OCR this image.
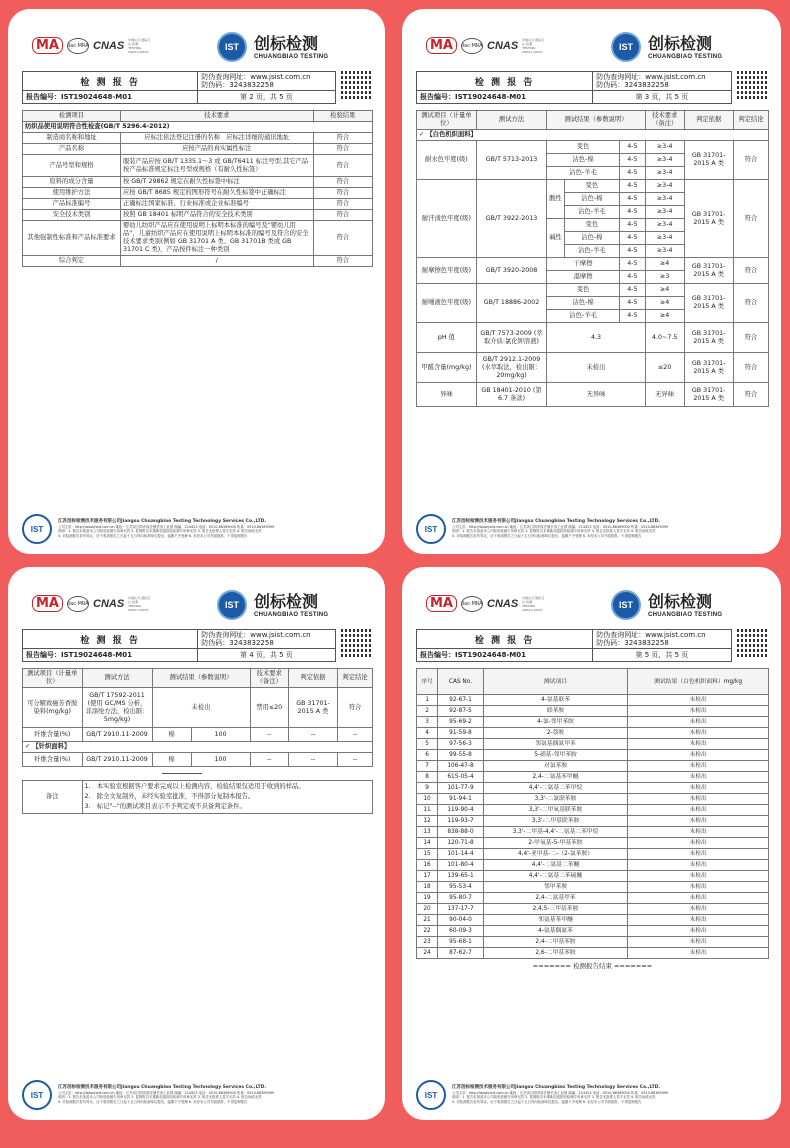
MA	ilac·MRA CNAS 中国认可 国际互认 检测 TESTING CNAS L10037	IST 创标检测
CHUANGBIAO TESTING
检 测 报 告	防伪查询网址：www.jsist.com.cn
防伪码：3243832258	
报告编号：IST19024648-M01	第 2 页，共 5 页	
检测项目	技术要求	检验结果
纺织品使用说明符合性检查(GB/T 5296.4-2012)		
制造商名称和地址	应标注依法登记注册的名称　应标注详细的通讯地址	符合
产品名称	应按产品的真实属性标注	符合
产品号型和规格	服装产品应按 GB/T 1335.1～3 或 GB/T6411 标注号型,其它产品按产品标准规定标注号型或规格（有耐久性标签）	符合
原料的成分含量	按 GB/T 29862 规定在耐久性标签中标注	符合
使用维护方法	应按 GB/T 8685 规定的图形符号在耐久性标签中正确标注	符合
产品标准编号	正确标注国家标准、行业标准或企业标准编号	符合
安全技术类别	按照 GB 18401 标明产品符合的安全技术类别	符合
其他强制性标准和产品标准要求	婴幼儿纺织产品应在使用说明上标明本标准的编号及"婴幼儿用品"，儿童纺织产品应在使用说明上标明本标准的编号及符合的安全技术要求类别(例如 GB 31701 A 类、GB 31701B 类或 GB 31701 C 类)，产品按件标注一种类别	符合
综合判定	/	符合
IST
江苏创标检测技术服务有限公司Jiangsu Chuangbiao Testing Technology Services Co.,LTD.
公司主页：http://www.jsist.com.cn 地址：江苏省江阴市周庄镇长寿工业园 邮编：214423 电话：0510-86369000 传真：0510-86369399
说明：1. 报告未加盖本公司检验检测专用章无效 2. 复制报告未重新加盖检验检测专用章无效 3. 报告无批准人签字无效 4. 报告涂改无效
5. 对检测报告若有异议，应于收到报告之日起十五日内向检测单位提出，逾期不予受理 6. 未经本公司书面批准，不得复制报告
MA	ilac·MRA CNAS 中国认可 国际互认 检测 TESTING CNAS L10037	IST 创标检测
CHUANGBIAO TESTING
检 测 报 告	防伪查询网址：www.jsist.com.cn
防伪码：3243832258	
报告编号：IST19024648-M01	第 3 页，共 5 页	
测试项目（计量单位）	测试方法	测试结果（参数说明）			技术要求（备注）	判定依据	判定结论
✓ 【白色机织面料】							
耐水色牢度(级)	GB/T 5713-2013	变色		4-5	≥3-4	GB 31701-2015 A 类	符合
		沾色-棉		4-5	≥3-4		
		沾色-羊毛		4-5	≥3-4		
耐汗渍色牢度(级)	GB/T 3922-2013	酸性	变色	4-5	≥3-4	GB 31701-2015 A 类	符合
			沾色-棉	4-5	≥3-4		
			沾色-羊毛	4-5	≥3-4		
		碱性	变色	4-5	≥3-4		
			沾色-棉	4-5	≥3-4		
			沾色-羊毛	4-5	≥3-4		
耐摩擦色牢度(级)	GB/T 3920-2008	干摩擦		4-5	≥4	GB 31701-2015 A 类	符合
		湿摩擦		4-5	≥3		
耐唾液色牢度(级)	GB/T 18886-2002	变色		4-5	≥4	GB 31701-2015 A 类	符合
		沾色-棉		4-5	≥4		
		沾色-羊毛		4-5	≥4		
pH 值	GB/T 7573-2009 (萃取介质:氯化钾溶液)	4.3			4.0~7.5	GB 31701-2015 A 类	符合
甲醛含量(mg/kg)	GB/T 2912.1-2009 (水萃取法，检出限：20mg/kg)	未检出			≤20	GB 31701-2015 A 类	符合
异味	GB 18401-2010 (第 6.7 条款)	无异味			无异味	GB 31701-2015 A 类	符合
IST
江苏创标检测技术服务有限公司Jiangsu Chuangbiao Testing Technology Services Co.,LTD.
公司主页：http://www.jsist.com.cn 地址：江苏省江阴市周庄镇长寿工业园 邮编：214423 电话：0510-86369000 传真：0510-86369399
说明：1. 报告未加盖本公司检验检测专用章无效 2. 复制报告未重新加盖检验检测专用章无效 3. 报告无批准人签字无效 4. 报告涂改无效
5. 对检测报告若有异议，应于收到报告之日起十五日内向检测单位提出，逾期不予受理 6. 未经本公司书面批准，不得复制报告
MA	ilac·MRA CNAS 中国认可 国际互认 检测 TESTING CNAS L10037	IST 创标检测
CHUANGBIAO TESTING
检 测 报 告	防伪查询网址：www.jsist.com.cn
防伪码：3243832258	
报告编号：IST19024648-M01	第 4 页，共 5 页	
测试项目（计量单位）	测试方法	测试结果（参数说明）		技术要求（备注）	判定依据	判定结论
可分解致癌芳香胺染料(mg/kg)	GB/T 17592-2011 (使用 GC/MS 分析，非涤纶方法，检出限：5mg/kg)	未检出		禁用≤20	GB 31701-2015 A 类	符合
纤维含量(%)	GB/T 2910.11-2009	棉	100	--	--	--
✓ 【针织面料】						
纤维含量(%)	GB/T 2910.11-2009	棉	100	--	--	--
备注	
1.　本实验室根据客户要求完成以上检测内容，检验结果仅适用于收到的样品。
2.　除全文复制外，未经实验室批准，不得部分复制本报告。
3.　标记"--"的测试项目表示不予判定或不具备判定条件。
IST
江苏创标检测技术服务有限公司Jiangsu Chuangbiao Testing Technology Services Co.,LTD.
公司主页：http://www.jsist.com.cn 地址：江苏省江阴市周庄镇长寿工业园 邮编：214423 电话：0510-86369000 传真：0510-86369399
说明：1. 报告未加盖本公司检验检测专用章无效 2. 复制报告未重新加盖检验检测专用章无效 3. 报告无批准人签字无效 4. 报告涂改无效
5. 对检测报告若有异议，应于收到报告之日起十五日内向检测单位提出，逾期不予受理 6. 未经本公司书面批准，不得复制报告
MA	ilac·MRA CNAS 中国认可 国际互认 检测 TESTING CNAS L10037	IST 创标检测
CHUANGBIAO TESTING
检 测 报 告	防伪查询网址：www.jsist.com.cn
防伪码：3243832258	
报告编号：IST19024648-M01	第 5 页，共 5 页	
序号	CAS No.	测试项目	测试结果（白色机织面料）mg/kg
1	92-67-1	4-氨基联苯	未检出
2	92-87-5	联苯胺	未检出
3	95-69-2	4-氯-邻甲苯胺	未检出
4	91-59-8	2-萘胺	未检出
5	97-56-3	邻氨基偶氮甲苯	未检出
6	99-55-8	5-硝基-邻甲苯胺	未检出
7	106-47-8	对氯苯胺	未检出
8	615-05-4	2,4-二氨基苯甲醚	未检出
9	101-77-9	4,4'-二氨基二苯甲烷	未检出
10	91-94-1	3,3'-二氯联苯胺	未检出
11	119-90-4	3,3'-二甲氧基联苯胺	未检出
12	119-93-7	3,3'-二甲基联苯胺	未检出
13	838-88-0	3,3'-二甲基-4,4'-二氨基二苯甲烷	未检出
14	120-71-8	2-甲氧基-5-甲基苯胺	未检出
15	101-14-4	4,4'-亚甲基-二-（2-氯苯胺）	未检出
16	101-80-4	4,4'-二氨基二苯醚	未检出
17	139-65-1	4,4'-二氨基二苯硫醚	未检出
18	95-53-4	邻甲苯胺	未检出
19	95-80-7	2,4-二氨基甲苯	未检出
20	137-17-7	2,4,5-三甲基苯胺	未检出
21	90-04-0	邻氨基苯甲醚	未检出
22	60-09-3	4-氨基偶氮苯	未检出
23	95-68-1	2,4-二甲基苯胺	未检出
24	87-62-7	2,6-二甲基苯胺	未检出
======= 检测报告结束 =======
IST
江苏创标检测技术服务有限公司Jiangsu Chuangbiao Testing Technology Services Co.,LTD.
公司主页：http://www.jsist.com.cn 地址：江苏省江阴市周庄镇长寿工业园 邮编：214423 电话：0510-86369000 传真：0510-86369399
说明：1. 报告未加盖本公司检验检测专用章无效 2. 复制报告未重新加盖检验检测专用章无效 3. 报告无批准人签字无效 4. 报告涂改无效
5. 对检测报告若有异议，应于收到报告之日起十五日内向检测单位提出，逾期不予受理 6. 未经本公司书面批准，不得复制报告
